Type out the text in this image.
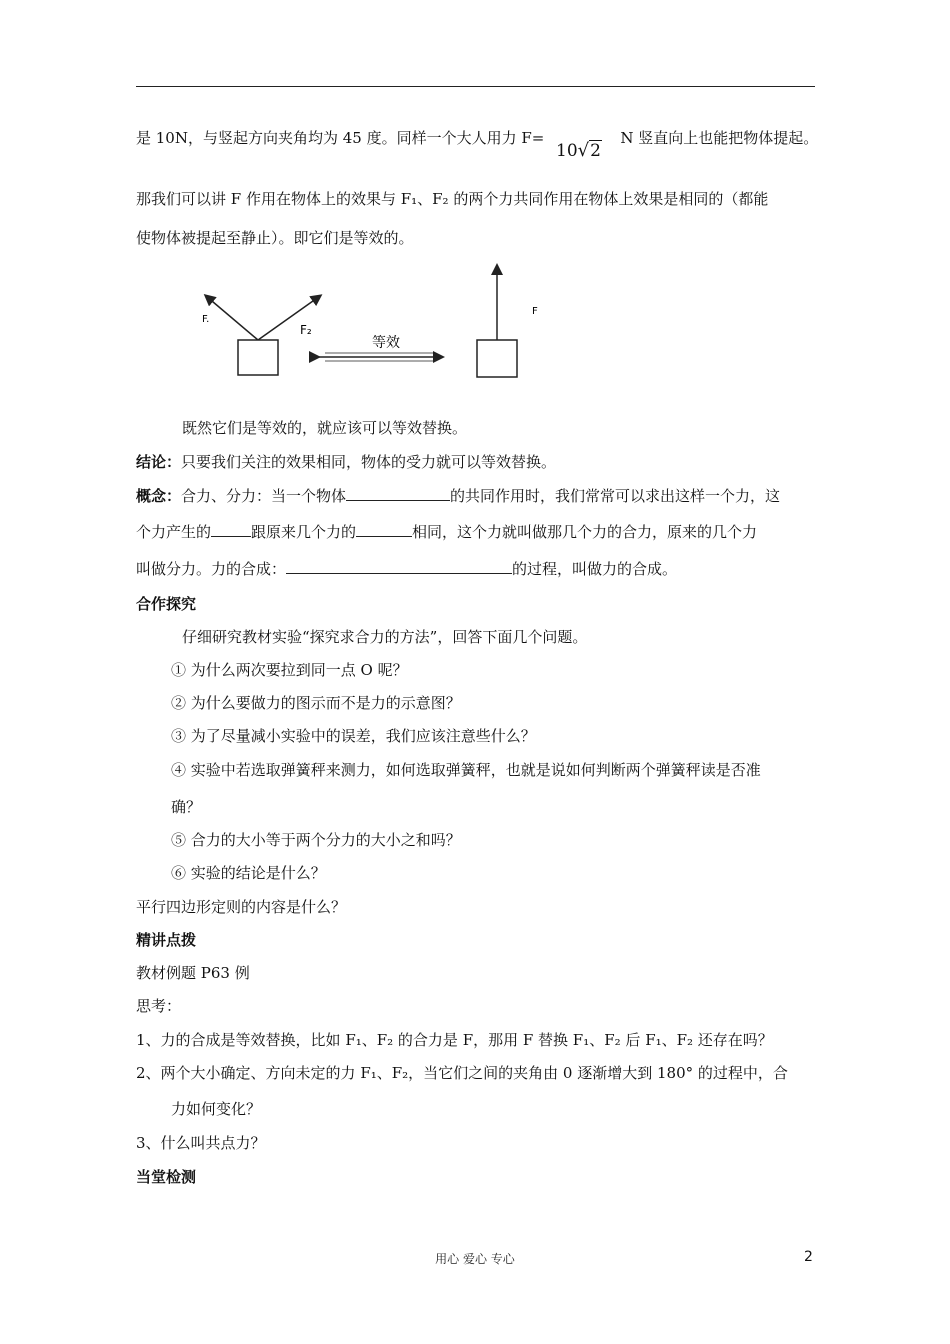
是 10N，与竖起方向夹角均为 45 度。同样一个大人用力 F=	N 竖直向上也能把物体提起。
10√2
那我们可以讲 F 作用在物体上的效果与 F₁、F₂ 的两个力共同作用在物体上效果是相同的（都能
使物体被提起至静止）。即它们是等效的。
F.
F₂
等效
F
既然它们是等效的，就应该可以等效替换。
结论：只要我们关注的效果相同，物体的受力就可以等效替换。
概念：合力、分力：当一个物体	的共同作用时，我们常常可以求出这样一个力，这
个力产生的	跟原来几个力的	相同，这个力就叫做那几个力的合力，原来的几个力
叫做分力。力的合成：	的过程，叫做力的合成。
合作探究
仔细研究教材实验“探究求合力的方法”，回答下面几个问题。
① 为什么两次要拉到同一点 O 呢？
② 为什么要做力的图示而不是力的示意图？
③ 为了尽量减小实验中的误差，我们应该注意些什么？
④ 实验中若选取弹簧秤来测力，如何选取弹簧秤，也就是说如何判断两个弹簧秤读是否准
确？
⑤ 合力的大小等于两个分力的大小之和吗？
⑥ 实验的结论是什么？
平行四边形定则的内容是什么？
精讲点拨
教材例题 P63 例
思考：
1、力的合成是等效替换，比如 F₁、F₂ 的合力是 F，那用 F 替换 F₁、F₂ 后 F₁、F₂ 还存在吗？
2、两个大小确定、方向未定的力 F₁、F₂，当它们之间的夹角由 0 逐渐增大到 180° 的过程中，合
力如何变化？
3、什么叫共点力？
当堂检测
用心 爱心 专心	2
